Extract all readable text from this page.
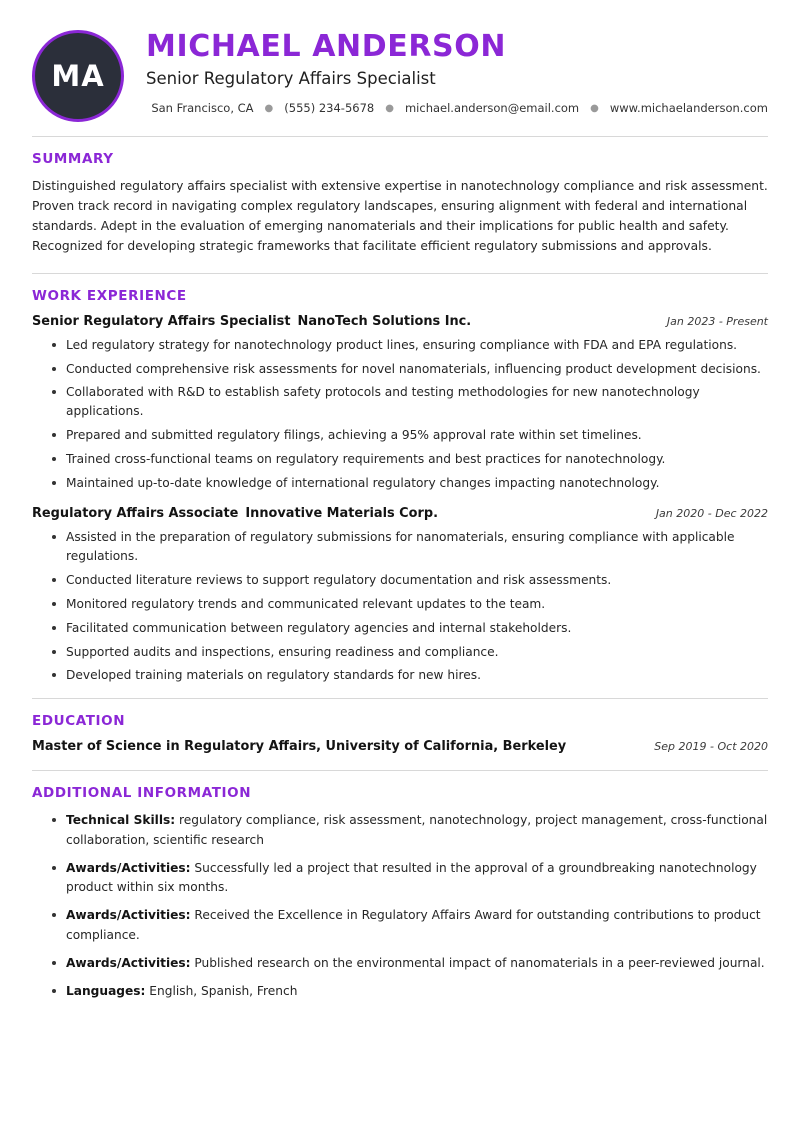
MA
MICHAEL ANDERSON
Senior Regulatory Affairs Specialist
San Francisco, CA	● (555) 234-5678	● michael.anderson@email.com	● www.michaelanderson.com
SUMMARY

Distinguished regulatory affairs specialist with extensive expertise in nanotechnology compliance and risk assessment. Proven track record in navigating complex regulatory landscapes, ensuring alignment with federal and international standards. Adept in the evaluation of emerging nanomaterials and their implications for public health and safety. Recognized for developing strategic frameworks that facilitate efficient regulatory submissions and approvals.

WORK EXPERIENCE
Senior Regulatory Affairs Specialist NanoTech Solutions Inc.	Jan 2023 - Present
Led regulatory strategy for nanotechnology product lines, ensuring compliance with FDA and EPA regulations.
Conducted comprehensive risk assessments for novel nanomaterials, influencing product development decisions.
Collaborated with R&D to establish safety protocols and testing methodologies for new nanotechnology applications.
Prepared and submitted regulatory filings, achieving a 95% approval rate within set timelines.
Trained cross-functional teams on regulatory requirements and best practices for nanotechnology.
Maintained up-to-date knowledge of international regulatory changes impacting nanotechnology.
Regulatory Affairs Associate Innovative Materials Corp.	Jan 2020 - Dec 2022
Assisted in the preparation of regulatory submissions for nanomaterials, ensuring compliance with applicable regulations.
Conducted literature reviews to support regulatory documentation and risk assessments.
Monitored regulatory trends and communicated relevant updates to the team.
Facilitated communication between regulatory agencies and internal stakeholders.
Supported audits and inspections, ensuring readiness and compliance.
Developed training materials on regulatory standards for new hires.
EDUCATION
Master of Science in Regulatory Affairs, University of California, Berkeley	Sep 2019 - Oct 2020
ADDITIONAL INFORMATION
Technical Skills: regulatory compliance, risk assessment, nanotechnology, project management, cross-functional collaboration, scientific research
Awards/Activities: Successfully led a project that resulted in the approval of a groundbreaking nanotechnology product within six months.
Awards/Activities: Received the Excellence in Regulatory Affairs Award for outstanding contributions to product compliance.
Awards/Activities: Published research on the environmental impact of nanomaterials in a peer-reviewed journal.
Languages: English, Spanish, French
